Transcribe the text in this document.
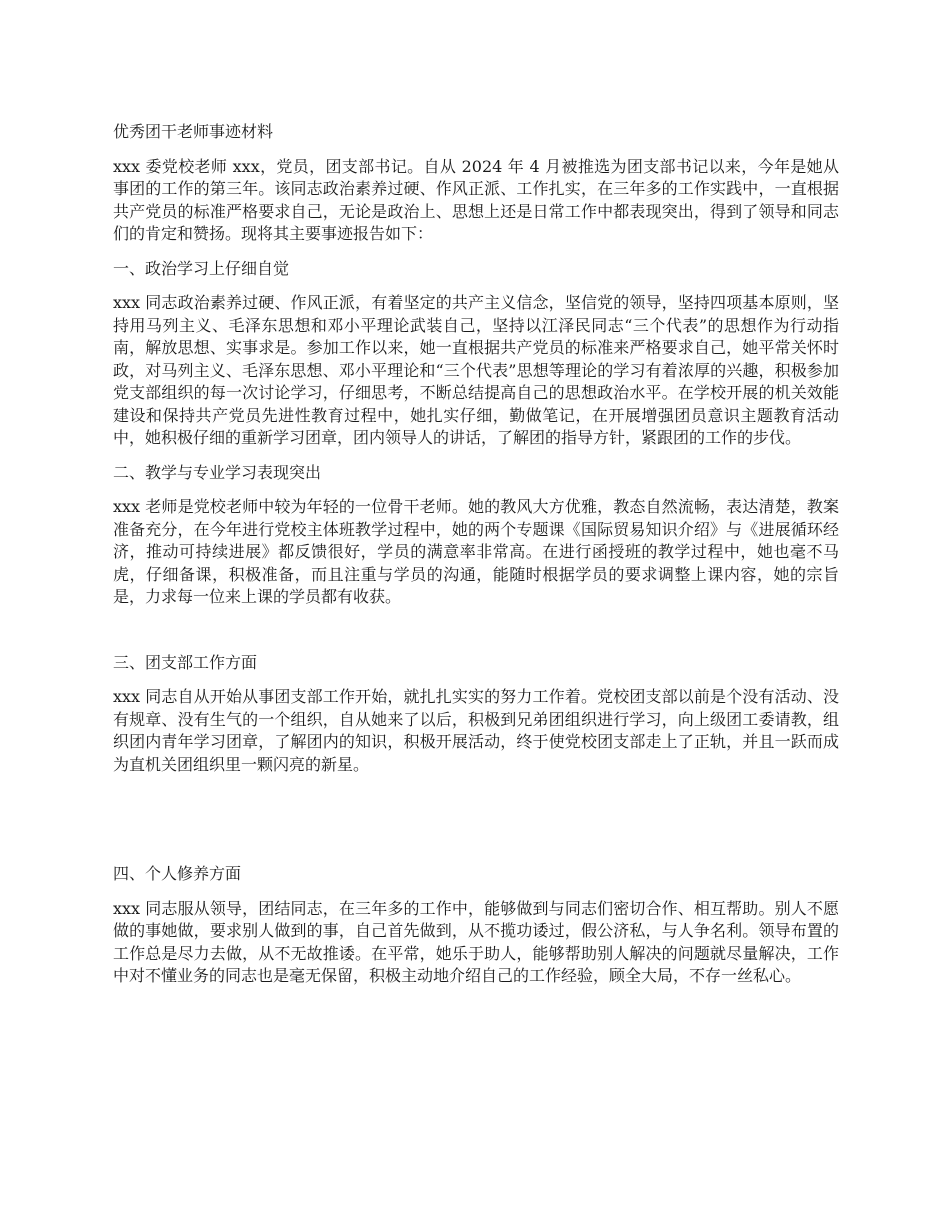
优秀团干老师事迹材料
xxx 委党校老师 xxx，党员，团支部书记。自从 2024 年 4 月被推选为团支部书记以来，今年是她从事团的工作的第三年。该同志政治素养过硬、作风正派、工作扎实，在三年多的工作实践中，一直根据共产党员的标准严格要求自己，无论是政治上、思想上还是日常工作中都表现突出，得到了领导和同志们的肯定和赞扬。现将其主要事迹报告如下：
一、政治学习上仔细自觉
xxx 同志政治素养过硬、作风正派，有着坚定的共产主义信念，坚信党的领导，坚持四项基本原则，坚持用马列主义、毛泽东思想和邓小平理论武装自己，坚持以江泽民同志“三个代表”的思想作为行动指南，解放思想、实事求是。参加工作以来，她一直根据共产党员的标准来严格要求自己，她平常关怀时政，对马列主义、毛泽东思想、邓小平理论和“三个代表”思想等理论的学习有着浓厚的兴趣，积极参加党支部组织的每一次讨论学习，仔细思考，不断总结提高自己的思想政治水平。在学校开展的机关效能建设和保持共产党员先进性教育过程中，她扎实仔细，勤做笔记，在开展增强团员意识主题教育活动中，她积极仔细的重新学习团章，团内领导人的讲话，了解团的指导方针，紧跟团的工作的步伐。
二、教学与专业学习表现突出
xxx 老师是党校老师中较为年轻的一位骨干老师。她的教风大方优雅，教态自然流畅，表达清楚，教案准备充分，在今年进行党校主体班教学过程中，她的两个专题课《国际贸易知识介绍》与《进展循环经济，推动可持续进展》都反馈很好，学员的满意率非常高。在进行函授班的教学过程中，她也毫不马虎，仔细备课，积极准备，而且注重与学员的沟通，能随时根据学员的要求调整上课内容，她的宗旨是，力求每一位来上课的学员都有收获。
三、团支部工作方面
xxx 同志自从开始从事团支部工作开始，就扎扎实实的努力工作着。党校团支部以前是个没有活动、没有规章、没有生气的一个组织，自从她来了以后，积极到兄弟团组织进行学习，向上级团工委请教，组织团内青年学习团章，了解团内的知识，积极开展活动，终于使党校团支部走上了正轨，并且一跃而成为直机关团组织里一颗闪亮的新星。
四、个人修养方面
xxx 同志服从领导，团结同志，在三年多的工作中，能够做到与同志们密切合作、相互帮助。别人不愿做的事她做，要求别人做到的事，自己首先做到，从不揽功诿过，假公济私，与人争名利。领导布置的工作总是尽力去做，从不无故推诿。在平常，她乐于助人，能够帮助别人解决的问题就尽量解决，工作中对不懂业务的同志也是毫无保留，积极主动地介绍自己的工作经验，顾全大局，不存一丝私心。
